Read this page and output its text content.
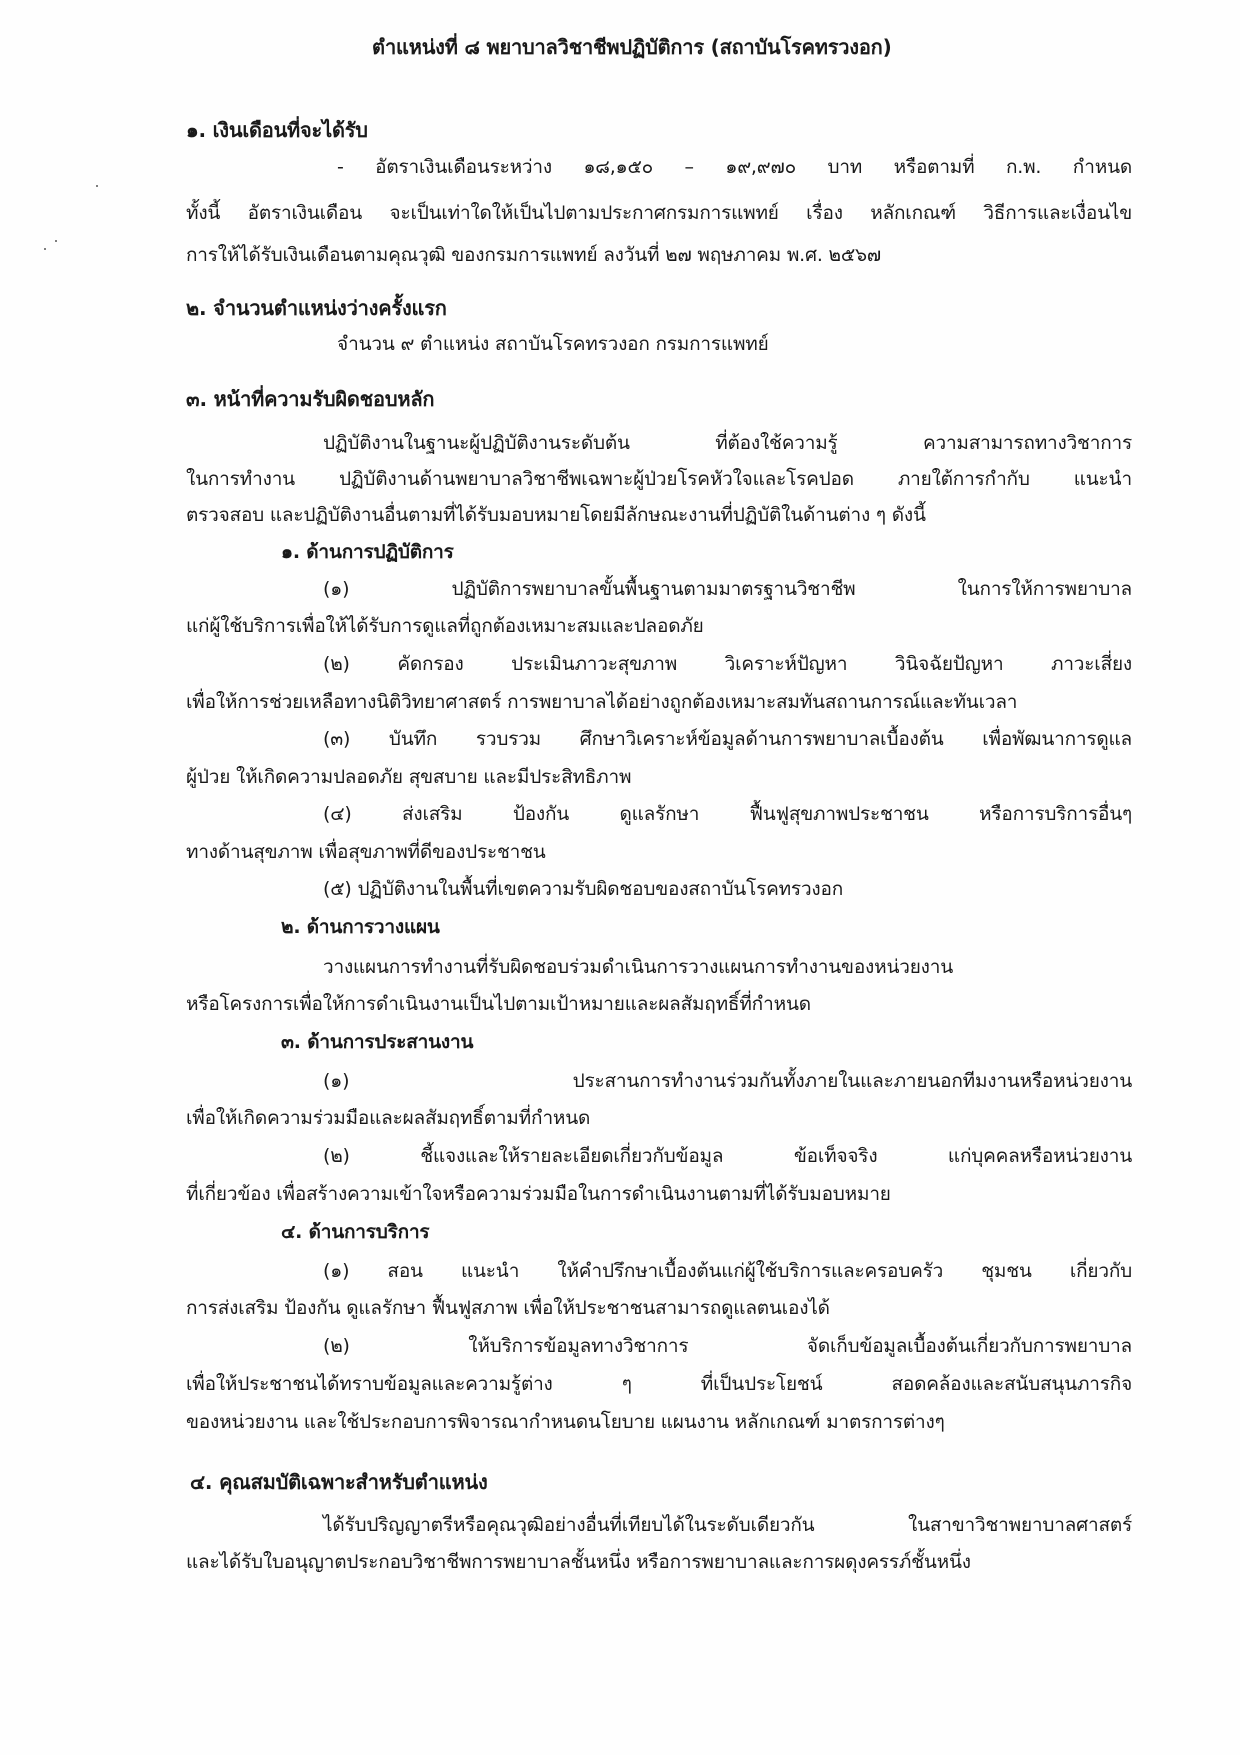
ตำแหน่งที่ ๘ พยาบาลวิชาชีพปฏิบัติการ (สถาบันโรคทรวงอก)
๑. เงินเดือนที่จะได้รับ
- อัตราเงินเดือนระหว่าง ๑๘,๑๕๐ – ๑๙,๙๗๐ บาท หรือตามที่ ก.พ. กำหนด
ทั้งนี้ อัตราเงินเดือน จะเป็นเท่าใดให้เป็นไปตามประกาศกรมการแพทย์ เรื่อง หลักเกณฑ์ วิธีการและเงื่อนไข
การให้ได้รับเงินเดือนตามคุณวุฒิ ของกรมการแพทย์ ลงวันที่ ๒๗ พฤษภาคม พ.ศ. ๒๕๖๗
๒. จำนวนตำแหน่งว่างครั้งแรก
จำนวน ๙ ตำแหน่ง สถาบันโรคทรวงอก กรมการแพทย์
๓. หน้าที่ความรับผิดชอบหลัก
ปฏิบัติงานในฐานะผู้ปฏิบัติงานระดับต้น ที่ต้องใช้ความรู้ ความสามารถทางวิชาการ
ในการทำงาน ปฏิบัติงานด้านพยาบาลวิชาชีพเฉพาะผู้ป่วยโรคหัวใจและโรคปอด ภายใต้การกำกับ แนะนำ
ตรวจสอบ และปฏิบัติงานอื่นตามที่ได้รับมอบหมายโดยมีลักษณะงานที่ปฏิบัติในด้านต่าง ๆ ดังนี้
๑. ด้านการปฏิบัติการ
(๑) ปฏิบัติการพยาบาลขั้นพื้นฐานตามมาตรฐานวิชาชีพ ในการให้การพยาบาล
แก่ผู้ใช้บริการเพื่อให้ได้รับการดูแลที่ถูกต้องเหมาะสมและปลอดภัย
(๒) คัดกรอง ประเมินภาวะสุขภาพ วิเคราะห์ปัญหา วินิจฉัยปัญหา ภาวะเสี่ยง
เพื่อให้การช่วยเหลือทางนิติวิทยาศาสตร์ การพยาบาลได้อย่างถูกต้องเหมาะสมทันสถานการณ์และทันเวลา
(๓) บันทึก รวบรวม ศึกษาวิเคราะห์ข้อมูลด้านการพยาบาลเบื้องต้น เพื่อพัฒนาการดูแล
ผู้ป่วย ให้เกิดความปลอดภัย สุขสบาย และมีประสิทธิภาพ
(๔) ส่งเสริม ป้องกัน ดูแลรักษา ฟื้นฟูสุขภาพประชาชน หรือการบริการอื่นๆ
ทางด้านสุขภาพ เพื่อสุขภาพที่ดีของประชาชน
(๕) ปฏิบัติงานในพื้นที่เขตความรับผิดชอบของสถาบันโรคทรวงอก
๒. ด้านการวางแผน
วางแผนการทำงานที่รับผิดชอบร่วมดำเนินการวางแผนการทำงานของหน่วยงาน
หรือโครงการเพื่อให้การดำเนินงานเป็นไปตามเป้าหมายและผลสัมฤทธิ์ที่กำหนด
๓. ด้านการประสานงาน
(๑) ประสานการทำงานร่วมกันทั้งภายในและภายนอกทีมงานหรือหน่วยงาน
เพื่อให้เกิดความร่วมมือและผลสัมฤทธิ์ตามที่กำหนด
(๒) ชี้แจงและให้รายละเอียดเกี่ยวกับข้อมูล ข้อเท็จจริง แก่บุคคลหรือหน่วยงาน
ที่เกี่ยวข้อง เพื่อสร้างความเข้าใจหรือความร่วมมือในการดำเนินงานตามที่ได้รับมอบหมาย
๔. ด้านการบริการ
(๑) สอน แนะนำ ให้คำปรึกษาเบื้องต้นแก่ผู้ใช้บริการและครอบครัว ชุมชน เกี่ยวกับ
การส่งเสริม ป้องกัน ดูแลรักษา ฟื้นฟูสภาพ เพื่อให้ประชาชนสามารถดูแลตนเองได้
(๒) ให้บริการข้อมูลทางวิชาการ จัดเก็บข้อมูลเบื้องต้นเกี่ยวกับการพยาบาล
เพื่อให้ประชาชนได้ทราบข้อมูลและความรู้ต่าง ๆ ที่เป็นประโยชน์ สอดคล้องและสนับสนุนภารกิจ
ของหน่วยงาน และใช้ประกอบการพิจารณากำหนดนโยบาย แผนงาน หลักเกณฑ์ มาตรการต่างๆ
๔. คุณสมบัติเฉพาะสำหรับตำแหน่ง
ได้รับปริญญาตรีหรือคุณวุฒิอย่างอื่นที่เทียบได้ในระดับเดียวกัน ในสาขาวิชาพยาบาลศาสตร์
และได้รับใบอนุญาตประกอบวิชาชีพการพยาบาลชั้นหนึ่ง หรือการพยาบาลและการผดุงครรภ์ชั้นหนึ่ง
